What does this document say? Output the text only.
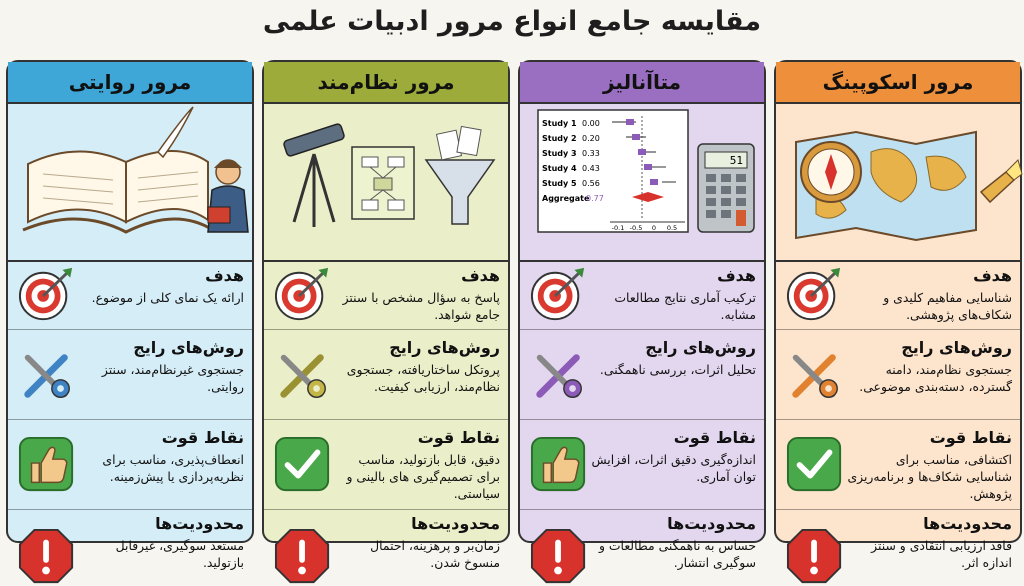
مقایسه جامع انواع مرور ادبیات علمی
مرور روایتی
هدف
ارائه یک نمای کلی از موضوع.
روش‌های رایج
جستجوی غیرنظام‌مند، سنتز روایتی.
نقاط قوت
انعطاف‌پذیری، مناسب برای نظریه‌پردازی یا پیش‌زمینه.
محدودیت‌ها
مستعد سوگیری، غیرقابل بازتولید.
مرور نظام‌مند
هدف
پاسخ به سؤال مشخص با سنتز جامع شواهد.
روش‌های رایج
پروتکل ساختاریافته، جستجوی نظام‌مند، ارزیابی کیفیت.
نقاط قوت
دقیق، قابل بازتولید، مناسب برای تصمیم‌گیری های بالینی و سیاستی.
محدودیت‌ها
زمان‌بر و پرهزینه، احتمال منسوخ شدن.
متاآنالیز
Study 1 0.00
Study 2 0.20
Study 3 0.33
Study 4 0.43
Study 5 0.56
Aggregate
0.77
-0.1 -0.5 0 0.5
51
هدف
ترکیب آماری نتایج مطالعات مشابه.
روش‌های رایج
تحلیل اثرات، بررسی ناهمگنی.
نقاط قوت
اندازه‌گیری دقیق اثرات، افزایش توان آماری.
محدودیت‌ها
حساس به ناهمگنی مطالعات و سوگیری انتشار.
مرور اسکوپینگ
هدف
شناسایی مفاهیم کلیدی و شکاف‌های پژوهشی.
روش‌های رایج
جستجوی نظام‌مند، دامنه گسترده، دسته‌بندی موضوعی.
نقاط قوت
اکتشافی، مناسب برای شناسایی شکاف‌ها و برنامه‌ریزی پژوهش.
محدودیت‌ها
فاقد ارزیابی انتقادی و سنتز اندازه اثر.
